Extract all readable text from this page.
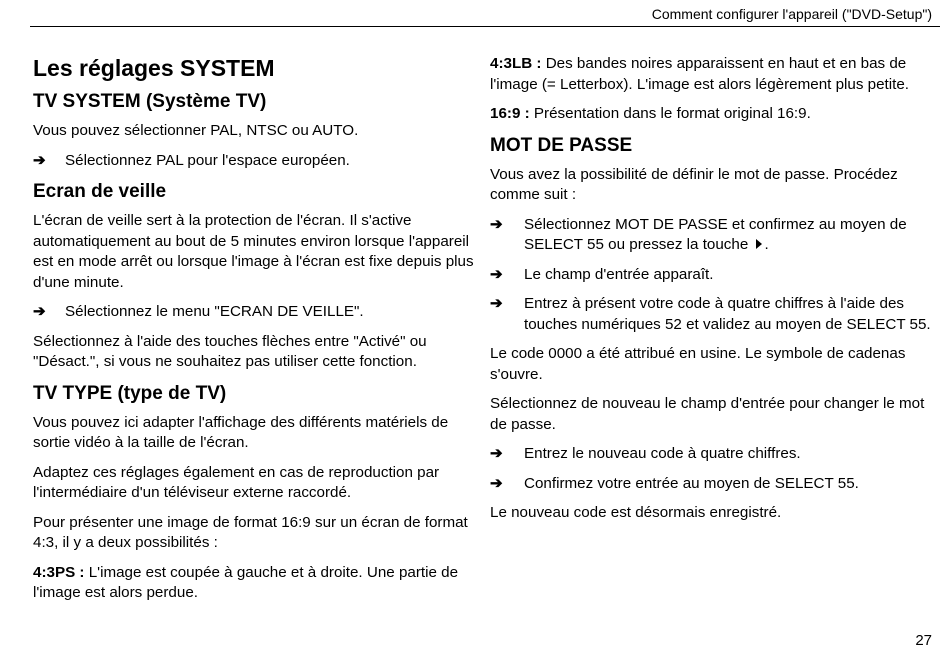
Comment configurer l'appareil ("DVD-Setup")
Les réglages SYSTEM
TV SYSTEM (Système TV)
Vous pouvez sélectionner PAL, NTSC ou AUTO.
➔	Sélectionnez PAL pour l'espace européen.
Ecran de veille
L'écran de veille sert à la protection de l'écran. Il s'active automatiquement au bout de 5 minutes environ lorsque l'appareil est en mode arrêt ou lorsque l'image à l'écran est fixe depuis plus d'une minute.
➔	Sélectionnez le menu "ECRAN DE VEILLE".
Sélectionnez à l'aide des touches flèches entre "Activé" ou "Désact.", si vous ne souhaitez pas utiliser cette fonction.
TV TYPE (type de TV)
Vous pouvez ici adapter l'affichage des différents matériels de sortie vidéo à la taille de l'écran.
Adaptez ces réglages également en cas de reproduction par l'intermédiaire d'un téléviseur externe raccordé.
Pour présenter une image de format 16:9 sur un écran de format 4:3, il y a deux possibilités :
4:3PS : L'image est coupée à gauche et à droite. Une partie de l'image est alors perdue.
4:3LB : Des bandes noires apparaissent en haut et en bas de l'image (= Letterbox). L'image est alors légèrement plus petite.
16:9 : Présentation dans le format original 16:9.
MOT DE PASSE
Vous avez la possibilité de définir le mot de passe. Procédez comme suit :
➔	Sélectionnez MOT DE PASSE et confirmez au moyen de SELECT 55 ou pressez la touche .
➔	Le champ d'entrée apparaît.
➔	Entrez à présent votre code à quatre chiffres à l'aide des touches numériques 52 et validez au moyen de SELECT 55.
Le code 0000 a été attribué en usine. Le symbole de cadenas s'ouvre.
Sélectionnez de nouveau le champ d'entrée pour changer le mot de passe.
➔	Entrez le nouveau code à quatre chiffres.
➔	Confirmez votre entrée au moyen de SELECT 55.
Le nouveau code est désormais enregistré.
27
